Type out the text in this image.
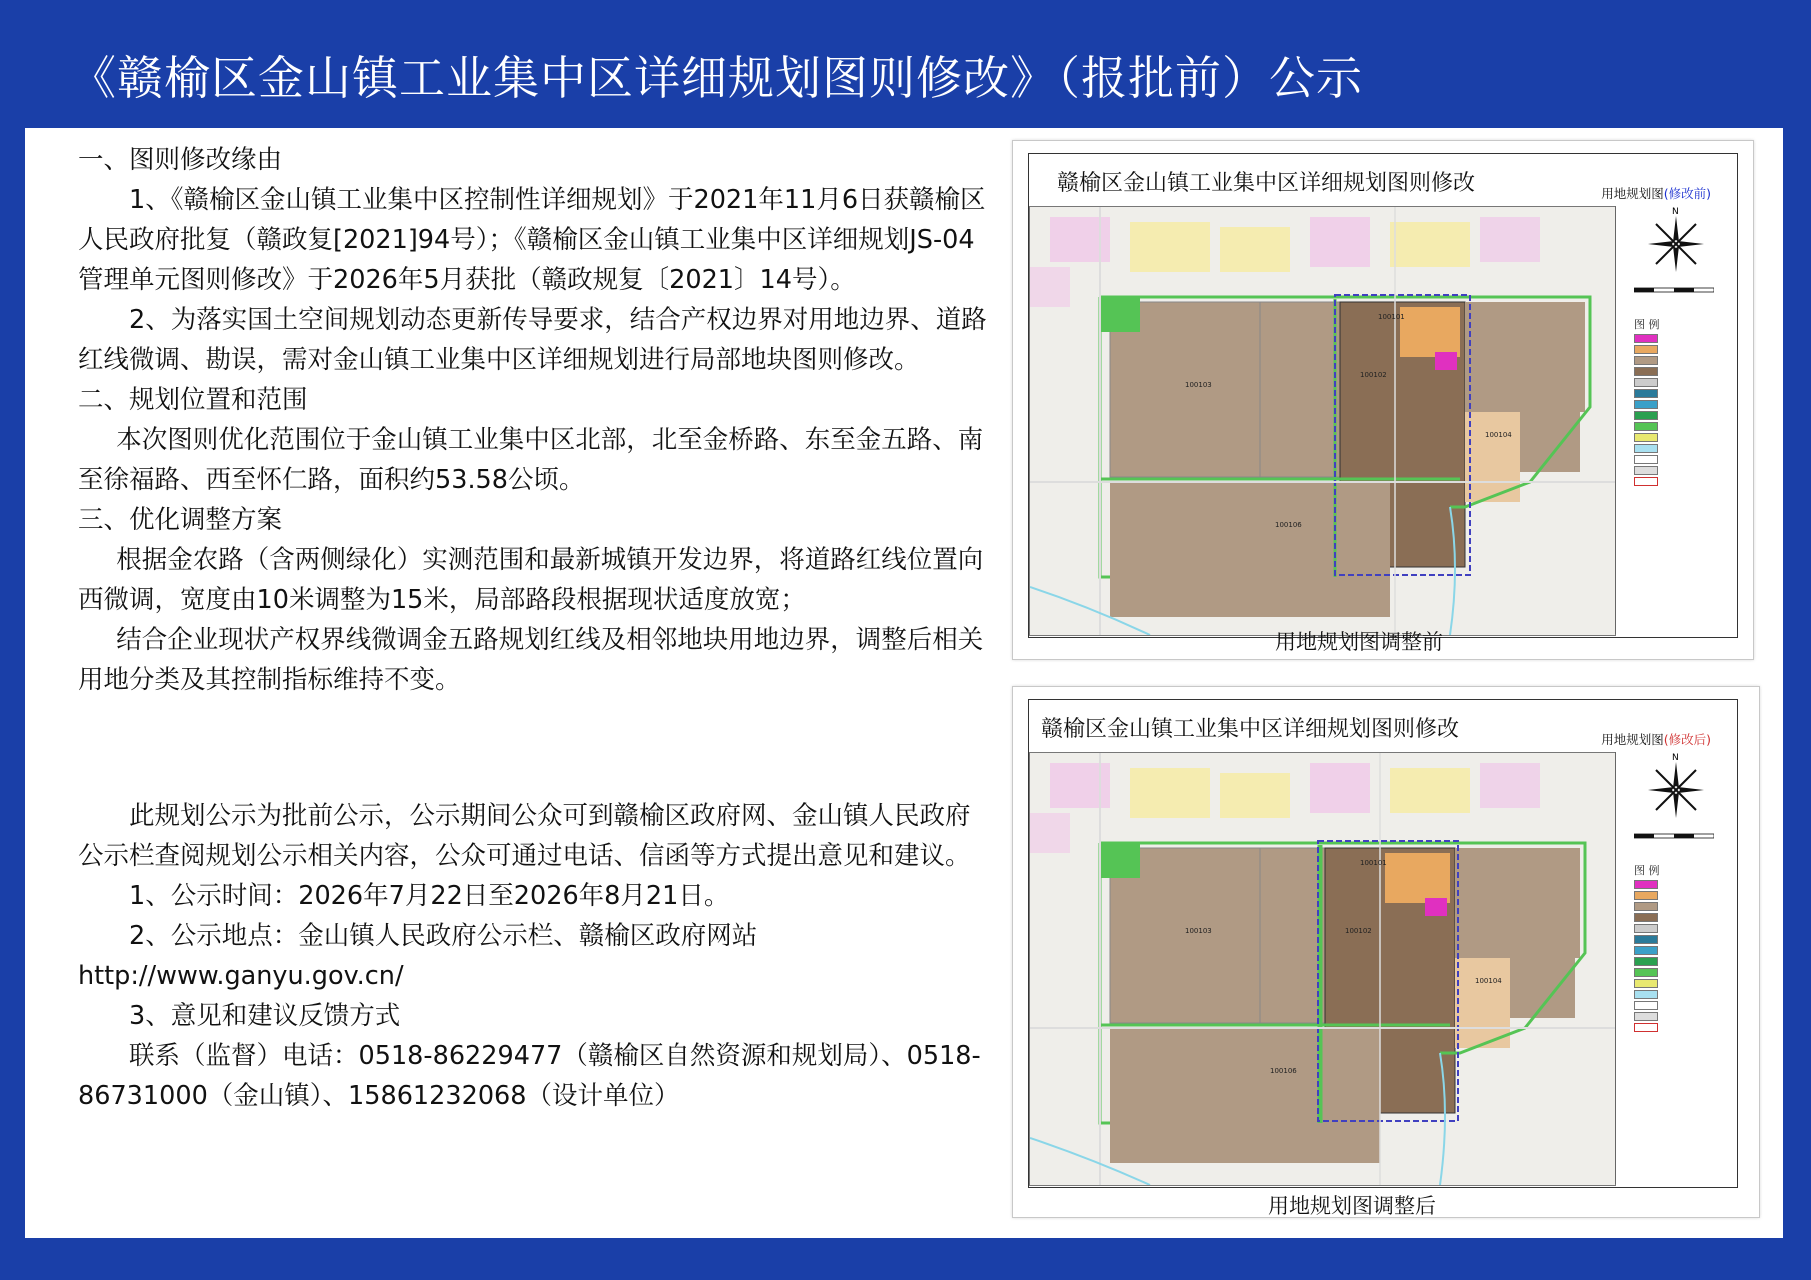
《赣榆区金山镇工业集中区详细规划图则修改》（报批前）公示

一、图则修改缘由

1、《赣榆区金山镇工业集中区控制性详细规划》于2021年11月6日获赣榆区人民政府批复（赣政复[2021]94号）；《赣榆区金山镇工业集中区详细规划JS-04管理单元图则修改》于2026年5月获批（赣政规复〔2021〕14号）。

2、为落实国土空间规划动态更新传导要求，结合产权边界对用地边界、道路红线微调、勘误，需对金山镇工业集中区详细规划进行局部地块图则修改。

二、规划位置和范围

本次图则优化范围位于金山镇工业集中区北部，北至金桥路、东至金五路、南至徐福路、西至怀仁路，面积约53.58公顷。

三、优化调整方案

根据金农路（含两侧绿化）实测范围和最新城镇开发边界，将道路红线位置向西微调，宽度由10米调整为15米，局部路段根据现状适度放宽；

结合企业现状产权界线微调金五路规划红线及相邻地块用地边界，调整后相关用地分类及其控制指标维持不变。

此规划公示为批前公示，公示期间公众可到赣榆区政府网、金山镇人民政府公示栏查阅规划公示相关内容，公众可通过电话、信函等方式提出意见和建议。

1、公示时间：2026年7月22日至2026年8月21日。

2、公示地点：金山镇人民政府公示栏、赣榆区政府网站http://www.ganyu.gov.cn/

3、意见和建议反馈方式

联系（监督）电话：0518-86229477（赣榆区自然资源和规划局）、0518-86731000（金山镇）、15861232068（设计单位）

赣榆区金山镇工业集中区详细规划图则修改	用地规划图(修改前)
100101
100102
100103
100104
100106
N
图 例
用地规划图调整前
赣榆区金山镇工业集中区详细规划图则修改	用地规划图(修改后)
100101
100102
100103
100104
100106
N
图 例
用地规划图调整后
